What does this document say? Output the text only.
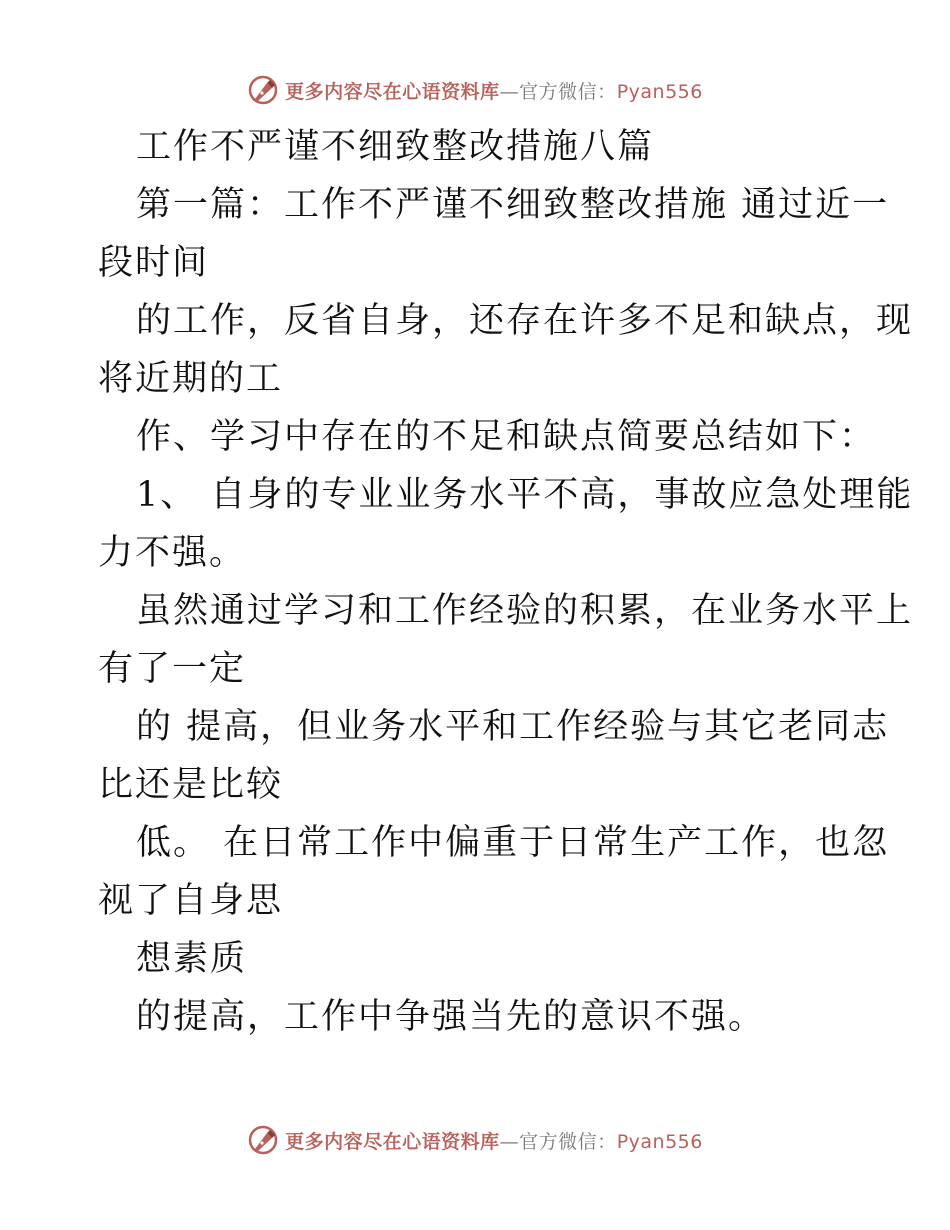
更多内容尽在心语资料库—官方微信：Pyan556
工作不严谨不细致整改措施八篇
第一篇：工作不严谨不细致整改措施 通过近一
段时间
的工作，反省自身，还存在许多不足和缺点，现
将近期的工
作、学习中存在的不足和缺点简要总结如下：
1、 自身的专业业务水平不高，事故应急处理能
力不强。
虽然通过学习和工作经验的积累，在业务水平上
有了一定
的 提高，但业务水平和工作经验与其它老同志
比还是比较
低。 在日常工作中偏重于日常生产工作，也忽
视了自身思
想素质
的提高，工作中争强当先的意识不强。
更多内容尽在心语资料库—官方微信：Pyan556
